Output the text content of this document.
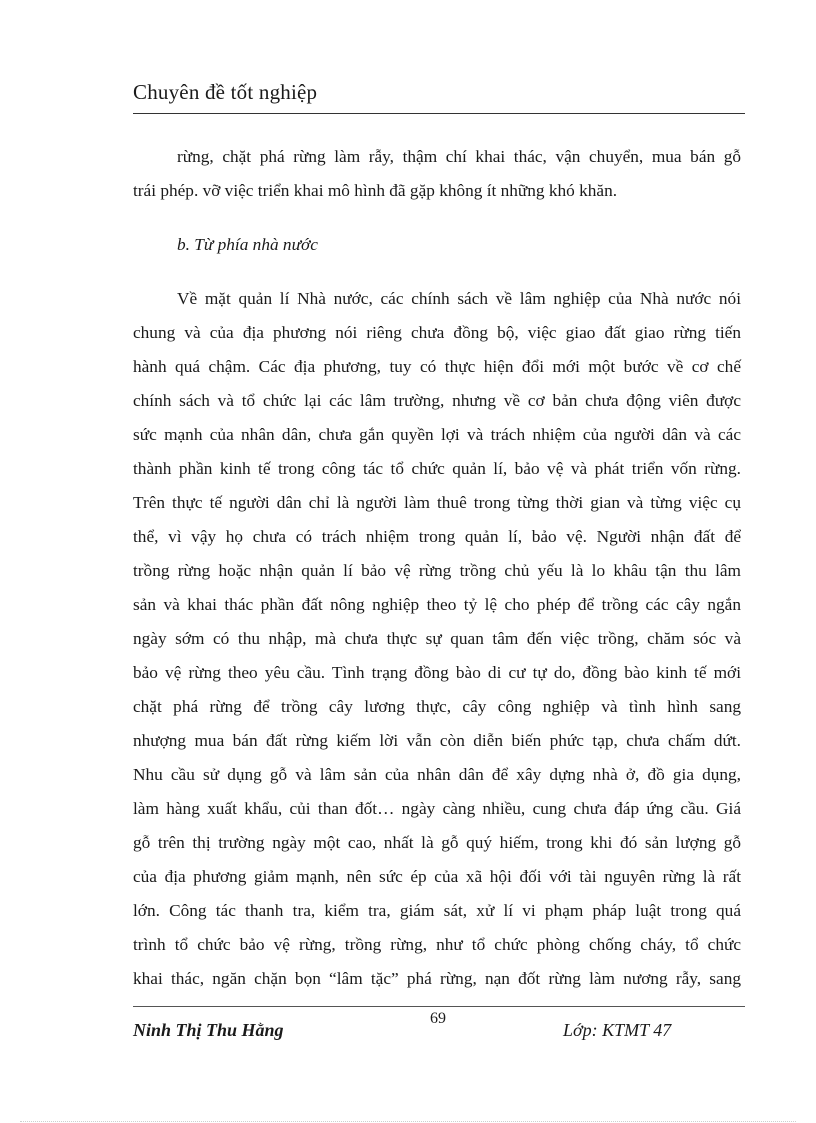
Chuyên đề tốt nghiệp
rừng, chặt phá rừng làm rẫy, thậm chí khai thác, vận chuyển, mua bán gỗ
trái phép. vỡ việc triển khai mô hình đã gặp không ít những khó khăn.
b. Từ phía nhà nước
Về mặt quản lí Nhà nước, các chính sách về lâm nghiệp của Nhà nước nói
chung và của địa phương nói riêng chưa đồng bộ, việc giao đất giao rừng tiến
hành quá chậm. Các địa phương, tuy có thực hiện đổi mới một bước về cơ chế
chính sách và tổ chức lại các lâm trường, nhưng về cơ bản chưa động viên được
sức mạnh của nhân dân, chưa gắn quyền lợi và trách nhiệm của người dân và các
thành phần kinh tế trong công tác tổ chức quản lí, bảo vệ và phát triển vốn rừng.
Trên thực tế người dân chỉ là người làm thuê trong từng thời gian và từng việc cụ
thể, vì vậy họ chưa có trách nhiệm trong quản lí, bảo vệ. Người nhận đất để
trồng rừng hoặc nhận quản lí bảo vệ rừng trồng chủ yếu là lo khâu tận thu lâm
sản và khai thác phần đất nông nghiệp theo tỷ lệ cho phép để trồng các cây ngắn
ngày sớm có thu nhập, mà chưa thực sự quan tâm đến việc trồng, chăm sóc và
bảo vệ rừng theo yêu cầu. Tình trạng đồng bào di cư tự do, đồng bào kinh tế mới
chặt phá rừng để trồng cây lương thực, cây công nghiệp và tình hình sang
nhượng mua bán đất rừng kiếm lời vẫn còn diễn biến phức tạp, chưa chấm dứt.
Nhu cầu sử dụng gỗ và lâm sản của nhân dân để xây dựng nhà ở, đồ gia dụng,
làm hàng xuất khẩu, củi than đốt… ngày càng nhiều, cung chưa đáp ứng cầu. Giá
gỗ trên thị trường ngày một cao, nhất là gỗ quý hiếm, trong khi đó sản lượng gỗ
của địa phương giảm mạnh, nên sức ép của xã hội đối với tài nguyên rừng là rất
lớn. Công tác thanh tra, kiểm tra, giám sát, xử lí vi phạm pháp luật trong quá
trình tổ chức bảo vệ rừng, trồng rừng, như tổ chức phòng chống cháy, tổ chức
khai thác, ngăn chặn bọn “lâm tặc” phá rừng, nạn đốt rừng làm nương rẫy, sang
Ninh Thị Thu Hằng
69
Lớp: KTMT 47
